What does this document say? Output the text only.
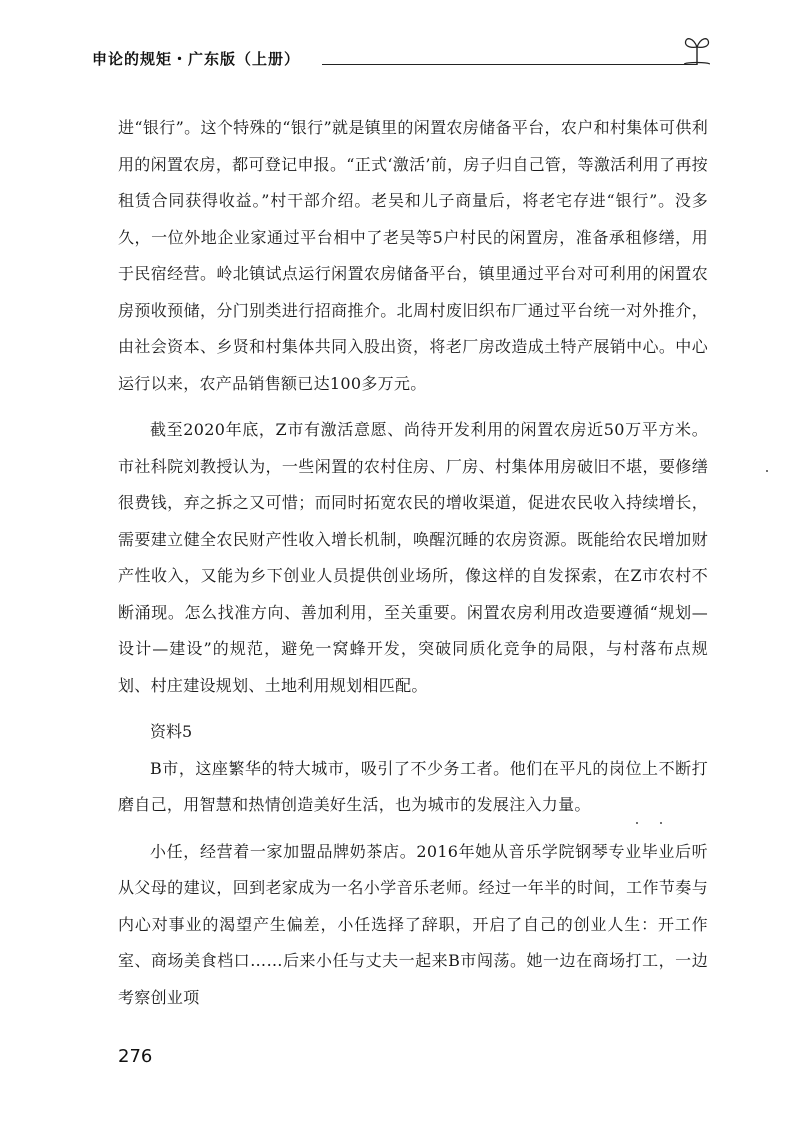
申论的规矩・广东版（上册）

进“银行”。这个特殊的“银行”就是镇里的闲置农房储备平台，农户和村集体可供利用的闲置农房，都可登记申报。“正式‘激活’前，房子归自己管，等激活利用了再按租赁合同获得收益。”村干部介绍。老吴和儿子商量后，将老宅存进“银行”。没多久，一位外地企业家通过平台相中了老吴等5户村民的闲置房，准备承租修缮，用于民宿经营。岭北镇试点运行闲置农房储备平台，镇里通过平台对可利用的闲置农房预收预储，分门别类进行招商推介。北周村废旧织布厂通过平台统一对外推介，由社会资本、乡贤和村集体共同入股出资，将老厂房改造成土特产展销中心。中心运行以来，农产品销售额已达100多万元。

截至2020年底，Z市有激活意愿、尚待开发利用的闲置农房近50万平方米。市社科院刘教授认为，一些闲置的农村住房、厂房、村集体用房破旧不堪，要修缮很费钱，弃之拆之又可惜；而同时拓宽农民的增收渠道，促进农民收入持续增长，需要建立健全农民财产性收入增长机制，唤醒沉睡的农房资源。既能给农民增加财产性收入，又能为乡下创业人员提供创业场所，像这样的自发探索，在Z市农村不断涌现。怎么找准方向、善加利用，至关重要。闲置农房利用改造要遵循“规划—设计—建设”的规范，避免一窝蜂开发，突破同质化竞争的局限，与村落布点规划、村庄建设规划、土地利用规划相匹配。

资料5

B市，这座繁华的特大城市，吸引了不少务工者。他们在平凡的岗位上不断打磨自己，用智慧和热情创造美好生活，也为城市的发展注入力量。

小任，经营着一家加盟品牌奶茶店。2016年她从音乐学院钢琴专业毕业后听从父母的建议，回到老家成为一名小学音乐老师。经过一年半的时间，工作节奏与内心对事业的渴望产生偏差，小任选择了辞职，开启了自己的创业人生：开工作室、商场美食档口……后来小任与丈夫一起来B市闯荡。她一边在商场打工，一边考察创业项

276
